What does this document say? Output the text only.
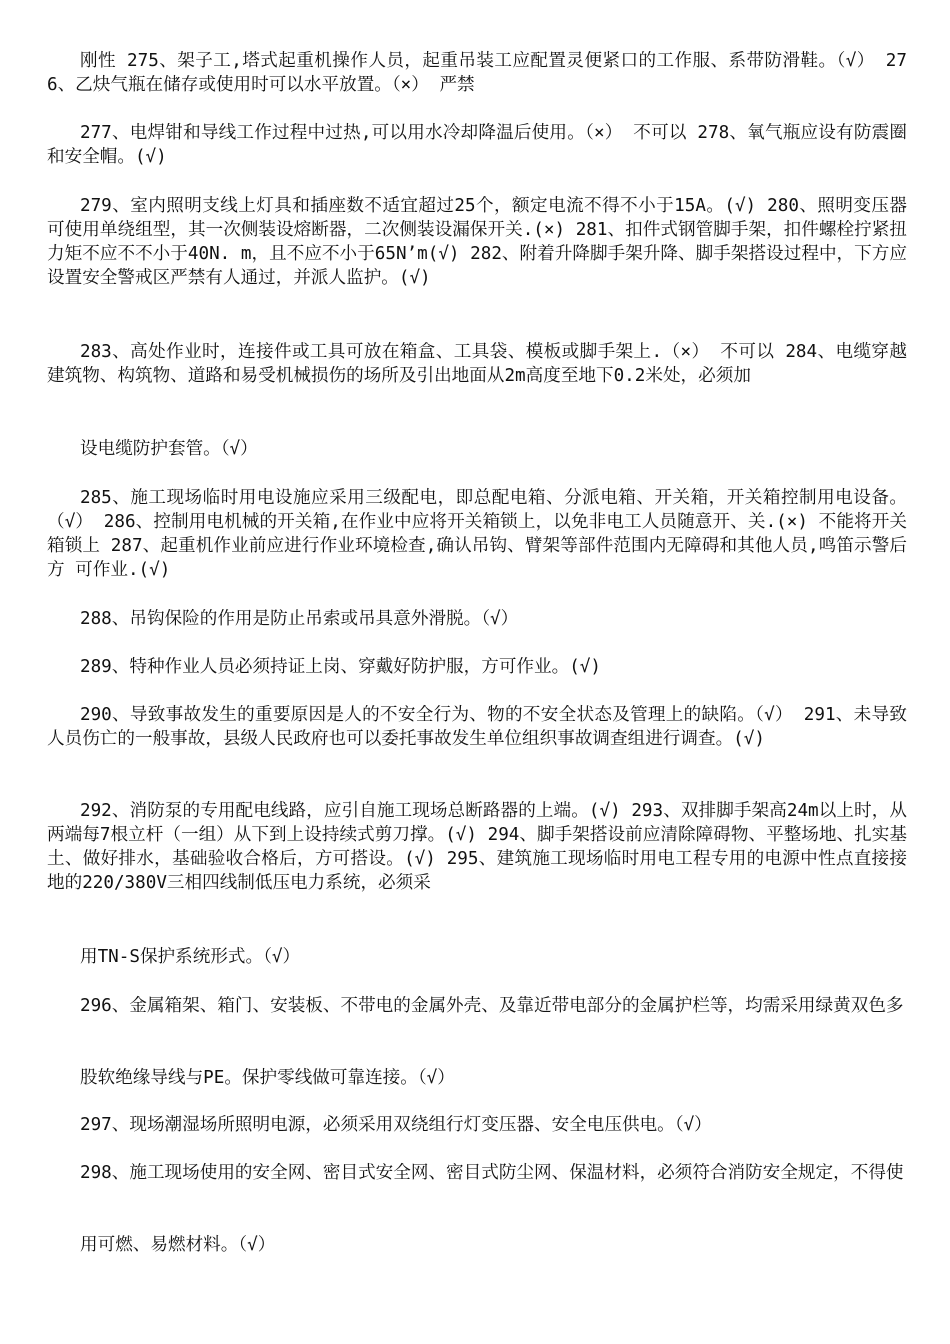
刚性 275、架子工,塔式起重机操作人员，起重吊装工应配置灵便紧口的工作服、系带防滑鞋。（√） 276、乙炔气瓶在储存或使用时可以水平放置。（×） 严禁

277、电焊钳和导线工作过程中过热,可以用水冷却降温后使用。（×） 不可以 278、氧气瓶应设有防震圈和安全帽。(√)

279、室内照明支线上灯具和插座数不适宜超过25个，额定电流不得不小于15A。(√) 280、照明变压器可使用单绕组型，其一次侧装设熔断器，二次侧装设漏保开关.(×) 281、扣件式钢管脚手架，扣件螺栓拧紧扭力矩不应不不小于40N. m，且不应不小于65N’m(√) 282、附着升降脚手架升降、脚手架搭设过程中，下方应设置安全警戒区严禁有人通过，并派人监护。(√)

283、高处作业时，连接件或工具可放在箱盒、工具袋、模板或脚手架上.（×） 不可以 284、电缆穿越建筑物、构筑物、道路和易受机械损伤的场所及引出地面从2m高度至地下0.2米处，必须加

设电缆防护套管。（√）

285、施工现场临时用电设施应采用三级配电，即总配电箱、分派电箱、开关箱，开关箱控制用电设备。（√） 286、控制用电机械的开关箱,在作业中应将开关箱锁上，以免非电工人员随意开、关.(×) 不能将开关箱锁上 287、起重机作业前应进行作业环境检查,确认吊钩、臂架等部件范围内无障碍和其他人员,鸣笛示警后方 可作业.(√)

288、吊钩保险的作用是防止吊索或吊具意外滑脱。（√）

289、特种作业人员必须持证上岗、穿戴好防护服，方可作业。(√)

290、导致事故发生的重要原因是人的不安全行为、物的不安全状态及管理上的缺陷。（√） 291、未导致人员伤亡的一般事故，县级人民政府也可以委托事故发生单位组织事故调查组进行调查。(√)

292、消防泵的专用配电线路，应引自施工现场总断路器的上端。(√) 293、双排脚手架高24m以上时，从两端每7根立杆（一组）从下到上设持续式剪刀撑。(√) 294、脚手架搭设前应清除障碍物、平整场地、扎实基土、做好排水，基础验收合格后，方可搭设。(√) 295、建筑施工现场临时用电工程专用的电源中性点直接接地的220/380V三相四线制低压电力系统，必须采

用TN-S保护系统形式。（√）

296、金属箱架、箱门、安装板、不带电的金属外壳、及靠近带电部分的金属护栏等，均需采用绿黄双色多

股软绝缘导线与PE。保护零线做可靠连接。（√）

297、现场潮湿场所照明电源，必须采用双绕组行灯变压器、安全电压供电。（√）

298、施工现场使用的安全网、密目式安全网、密目式防尘网、保温材料，必须符合消防安全规定，不得使

用可燃、易燃材料。（√）
